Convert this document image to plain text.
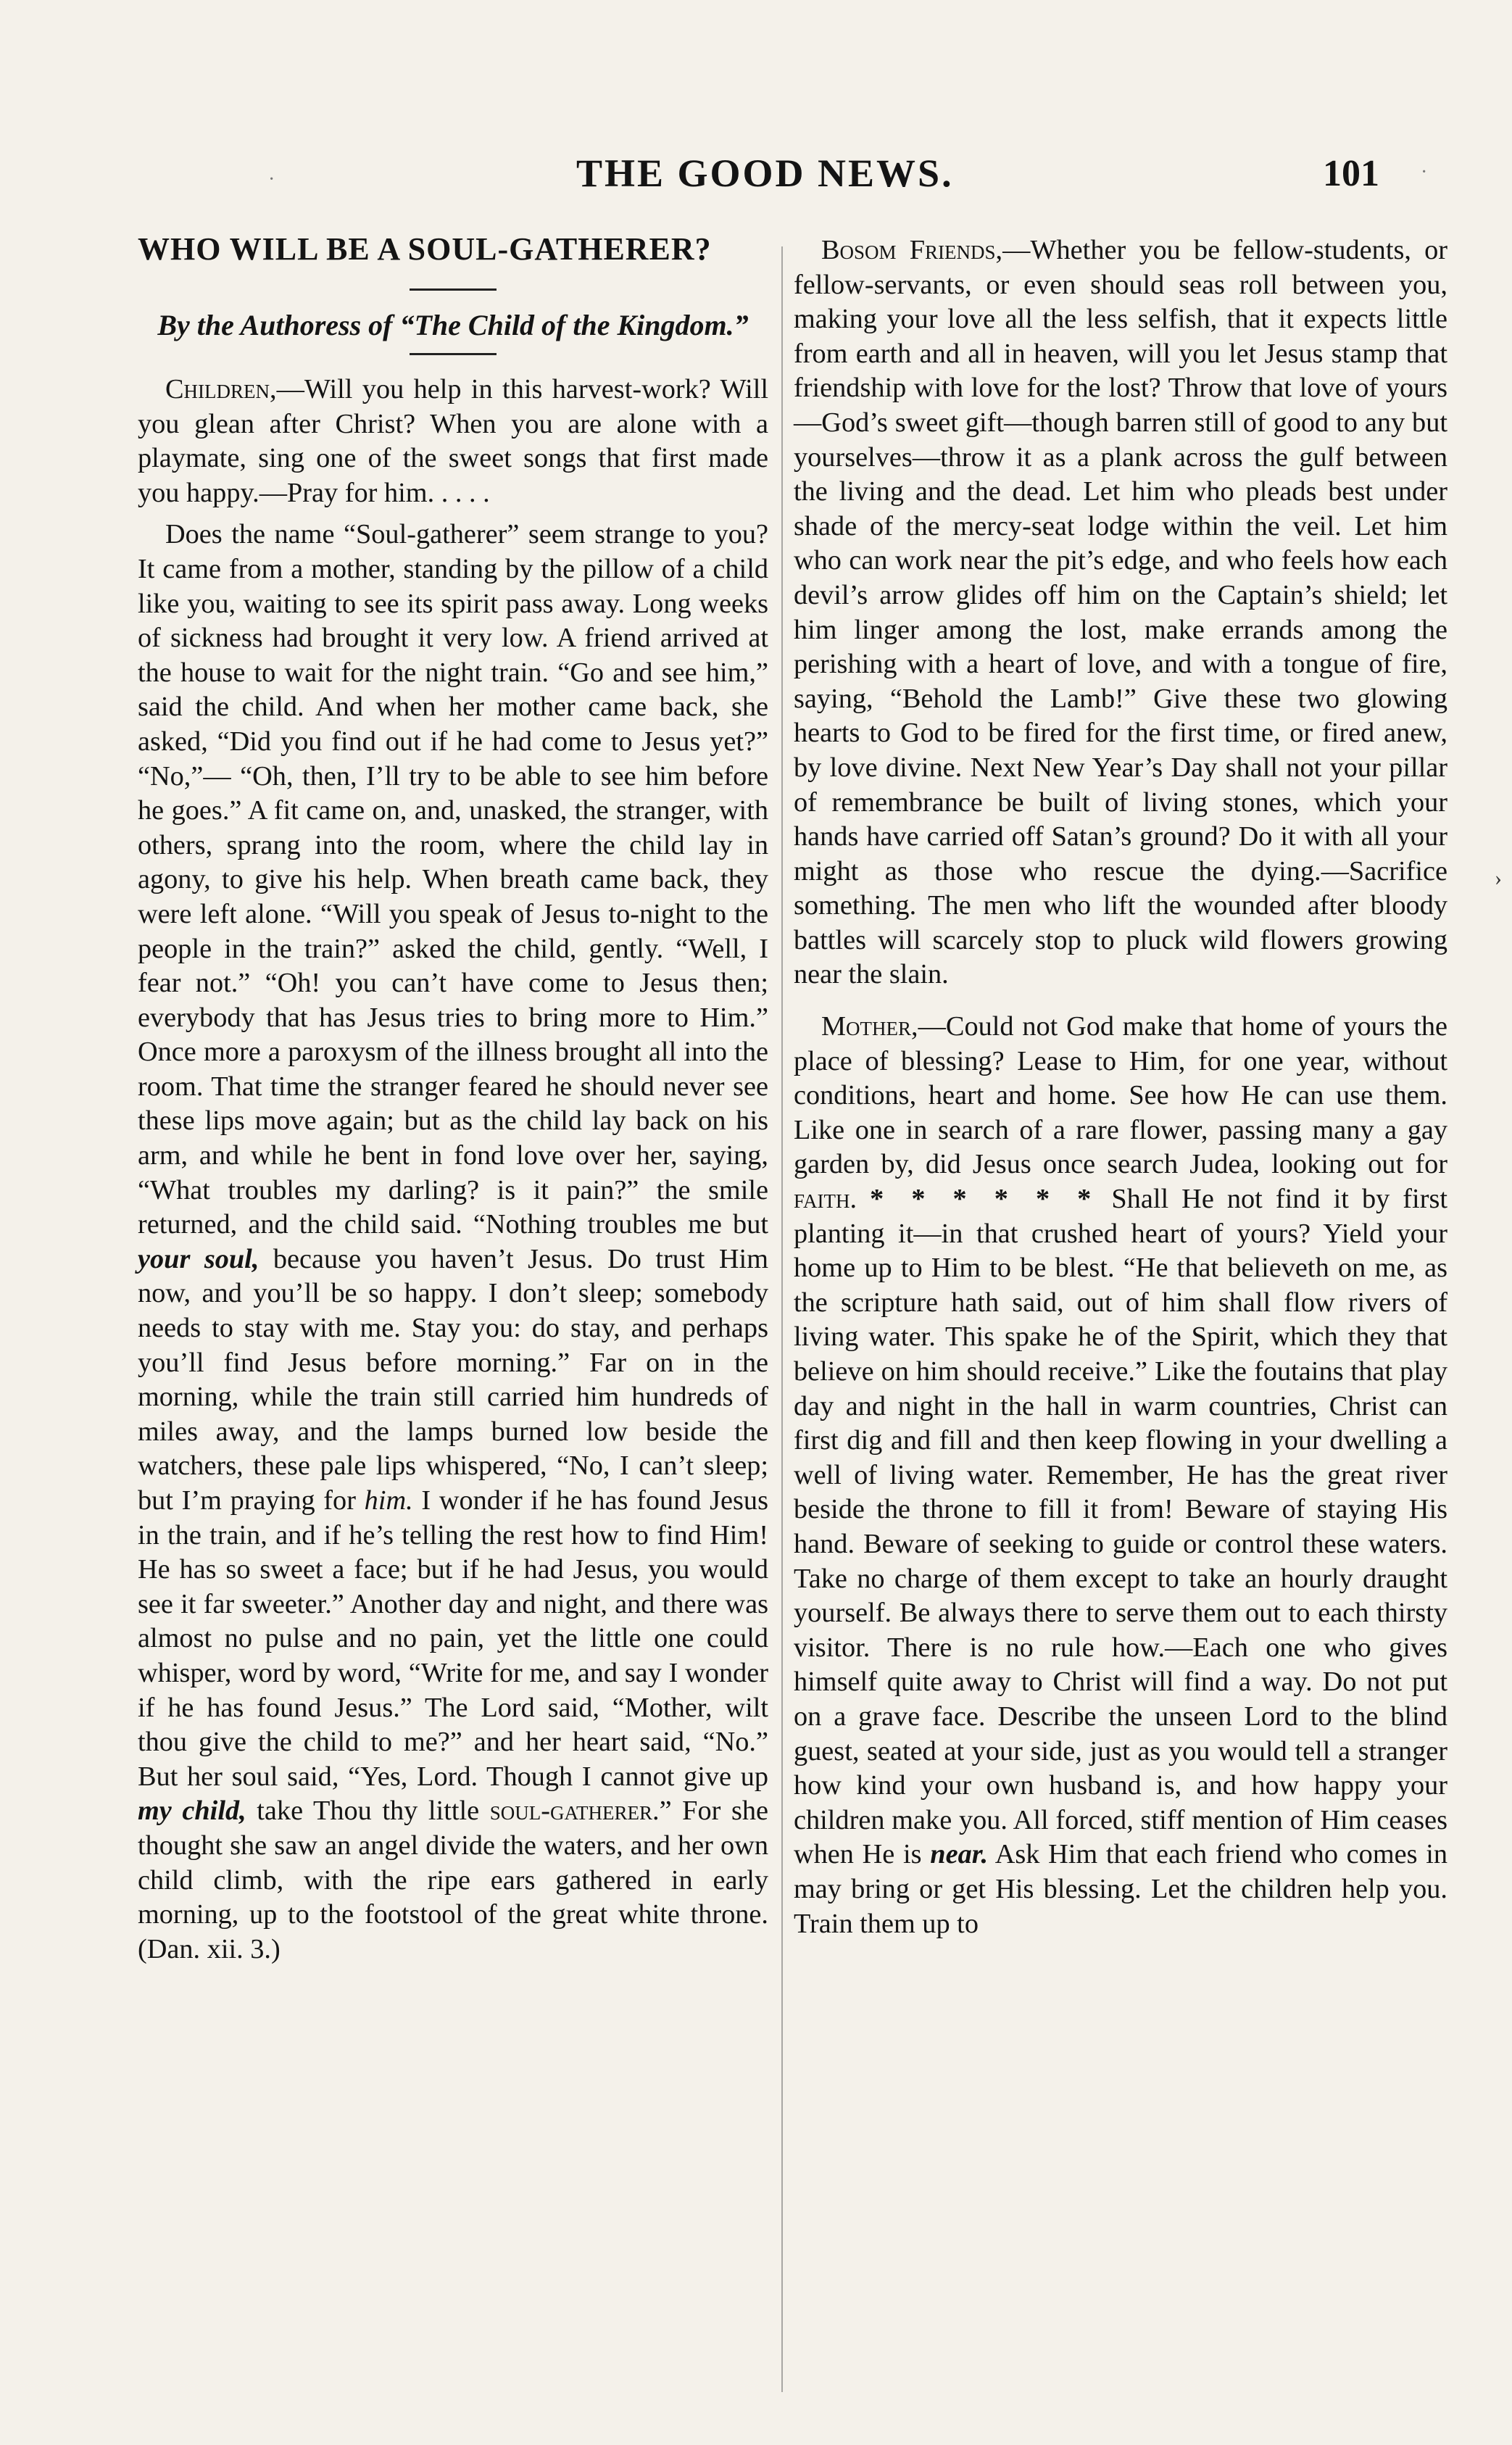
THE GOOD NEWS.	101
WHO WILL BE A SOUL-GATHERER?
By the Authoress of “The Child of the Kingdom.”

Children,—Will you help in this harvest-work? Will you glean after Christ? When you are alone with a playmate, sing one of the sweet songs that first made you happy.—Pray for him. . . . .

Does the name “Soul-gatherer” seem strange to you? It came from a mother, standing by the pillow of a child like you, waiting to see its spirit pass away. Long weeks of sickness had brought it very low. A friend arrived at the house to wait for the night train. “Go and see him,” said the child. And when her mother came back, she asked, “Did you find out if he had come to Jesus yet?” “No,”— “Oh, then, I’ll try to be able to see him before he goes.” A fit came on, and, unasked, the stranger, with others, sprang into the room, where the child lay in agony, to give his help. When breath came back, they were left alone. “Will you speak of Jesus to-night to the people in the train?” asked the child, gently. “Well, I fear not.” “Oh! you can’t have come to Jesus then; everybody that has Jesus tries to bring more to Him.” Once more a paroxysm of the illness brought all into the room. That time the stranger feared he should never see these lips move again; but as the child lay back on his arm, and while he bent in fond love over her, saying, “What troubles my darling? is it pain?” the smile returned, and the child said. “Nothing troubles me but your soul, because you haven’t Jesus. Do trust Him now, and you’ll be so happy. I don’t sleep; somebody needs to stay with me. Stay you: do stay, and perhaps you’ll find Jesus before morning.” Far on in the morning, while the train still carried him hundreds of miles away, and the lamps burned low beside the watchers, these pale lips whispered, “No, I can’t sleep; but I’m praying for him. I wonder if he has found Jesus in the train, and if he’s telling the rest how to find Him! He has so sweet a face; but if he had Jesus, you would see it far sweeter.” Another day and night, and there was almost no pulse and no pain, yet the little one could whisper, word by word, “Write for me, and say I wonder if he has found Jesus.” The Lord said, “Mother, wilt thou give the child to me?” and her heart said, “No.” But her soul said, “Yes, Lord. Though I cannot give up my child, take Thou thy little soul-gatherer.” For she thought she saw an angel divide the waters, and her own child climb, with the ripe ears gathered in early morning, up to the footstool of the great white throne. (Dan. xii. 3.)

Bosom Friends,—Whether you be fellow-students, or fellow-servants, or even should seas roll between you, making your love all the less selfish, that it expects little from earth and all in heaven, will you let Jesus stamp that friendship with love for the lost? Throw that love of yours—God’s sweet gift—though barren still of good to any but yourselves—throw it as a plank across the gulf between the living and the dead. Let him who pleads best under shade of the mercy-seat lodge within the veil. Let him who can work near the pit’s edge, and who feels how each devil’s arrow glides off him on the Captain’s shield; let him linger among the lost, make errands among the perishing with a heart of love, and with a tongue of fire, saying, “Behold the Lamb!” Give these two glowing hearts to God to be fired for the first time, or fired anew, by love divine. Next New Year’s Day shall not your pillar of remembrance be built of living stones, which your hands have carried off Satan’s ground? Do it with all your might as those who rescue the dying.—Sacrifice something. The men who lift the wounded after bloody battles will scarcely stop to pluck wild flowers growing near the slain.

Mother,—Could not God make that home of yours the place of blessing? Lease to Him, for one year, without conditions, heart and home. See how He can use them. Like one in search of a rare flower, passing many a gay garden by, did Jesus once search Judea, looking out for faith. * * * * * * Shall He not find it by first planting it—in that crushed heart of yours? Yield your home up to Him to be blest. “He that believeth on me, as the scripture hath said, out of him shall flow rivers of living water. This spake he of the Spirit, which they that believe on him should receive.” Like the foutains that play day and night in the hall in warm countries, Christ can first dig and fill and then keep flowing in your dwelling a well of living water. Remember, He has the great river beside the throne to fill it from! Beware of staying His hand. Beware of seeking to guide or control these waters. Take no charge of them except to take an hourly draught yourself. Be always there to serve them out to each thirsty visitor. There is no rule how.—Each one who gives himself quite away to Christ will find a way. Do not put on a grave face. Describe the unseen Lord to the blind guest, seated at your side, just as you would tell a stranger how kind your own husband is, and how happy your children make you. All forced, stiff mention of Him ceases when He is near. Ask Him that each friend who comes in may bring or get His blessing. Let the children help you. Train them up to

·	·
›
